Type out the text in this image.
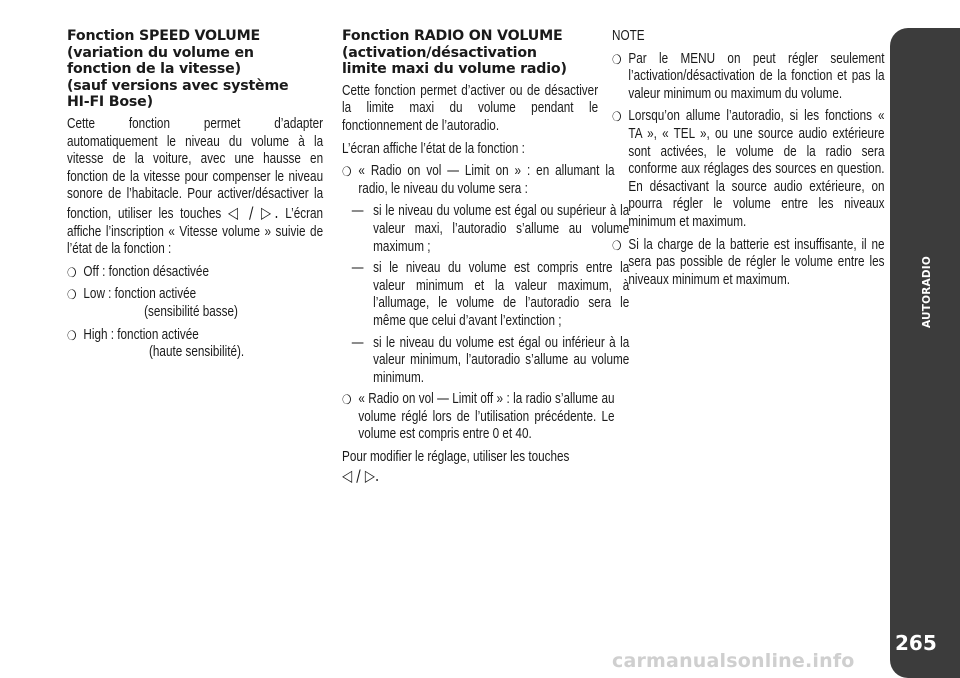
Fonction SPEED VOLUME
(variation du volume en
fonction de la vitesse)
(sauf versions avec système
HI-FI Bose)
Cette fonction permet d’adapter automatiquement le niveau du volume à la vitesse de la voiture, avec une hausse en fonction de la vitesse pour compenser le niveau sonore de l’habitacle. Pour activer/désactiver la fonction, utiliser les touches ◁ / ▷. L’écran affiche l’inscription « Vitesse volume » suivie de l’état de la fonction :
❍ Off : fonction désactivée
❍ Low : fonction activée
(sensibilité basse)
❍ High : fonction activée
(haute sensibilité).
Fonction RADIO ON VOLUME
(activation/désactivation
limite maxi du volume radio)
Cette fonction permet d’activer ou de désactiver la limite maxi du volume pendant le fonctionnement de l’autoradio.
L’écran affiche l’état de la fonction :
❍ « Radio on vol — Limit on » : en allumant la radio, le niveau du volume sera :
— si le niveau du volume est égal ou supérieur à la valeur maxi, l’autoradio s’allume au volume maximum ;
— si le niveau du volume est compris entre la valeur minimum et la valeur maximum, à l’allumage, le volume de l’autoradio sera le même que celui d’avant l’extinction ;
— si le niveau du volume est égal ou inférieur à la valeur minimum, l’autoradio s’allume au volume minimum.
❍ « Radio on vol — Limit off » : la radio s’allume au volume réglé lors de l’utilisation précédente. Le volume est compris entre 0 et 40.
Pour modifier le réglage, utiliser les touches
◁ / ▷.
NOTE
❍ Par le MENU on peut régler seulement l’activation/désactivation de la fonction et pas la valeur minimum ou maximum du volume.
❍ Lorsqu’on allume l’autoradio, si les fonctions « TA », « TEL », ou une source audio extérieure sont activées, le volume de la radio sera conforme aux réglages des sources en question. En désactivant la source audio extérieure, on pourra régler le volume entre les niveaux minimum et maximum.
❍ Si la charge de la batterie est insuffisante, il ne sera pas possible de régler le volume entre les niveaux minimum et maximum.	AUTORADIO
265
carmanualsonline.info
